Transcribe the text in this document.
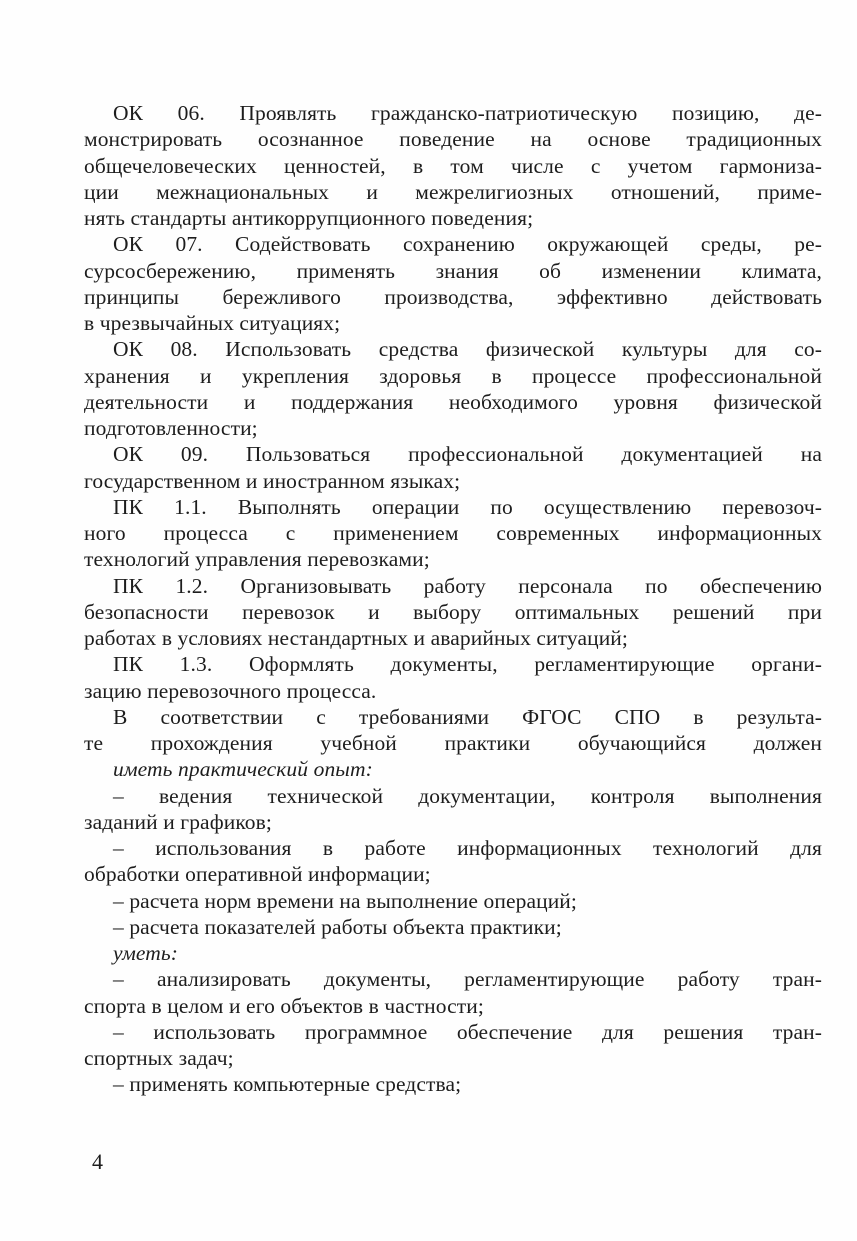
ОК 06. Проявлять гражданско-патриотическую позицию, де-
монстрировать осознанное поведение на основе традиционных
общечеловеческих ценностей, в том числе с учетом гармониза-
ции межнациональных и межрелигиозных отношений, приме-
нять стандарты антикоррупционного поведения;

ОК 07. Содействовать сохранению окружающей среды, ре-
сурсосбережению, применять знания об изменении климата,
принципы бережливого производства, эффективно действовать
в чрезвычайных ситуациях;

ОК 08. Использовать средства физической культуры для со-
хранения и укрепления здоровья в процессе профессиональной
деятельности и поддержания необходимого уровня физической
подготовленности;

ОК 09. Пользоваться профессиональной документацией на
государственном и иностранном языках;

ПК 1.1. Выполнять операции по осуществлению перевозоч-
ного процесса с применением современных информационных
технологий управления перевозками;

ПК 1.2. Организовывать работу персонала по обеспечению
безопасности перевозок и выбору оптимальных решений при
работах в условиях нестандартных и аварийных ситуаций;

ПК 1.3. Оформлять документы, регламентирующие органи-
зацию перевозочного процесса.

В соответствии с требованиями ФГОС СПО в результа-
те прохождения учебной практики обучающийся должен

иметь практический опыт:

– ведения технической документации, контроля выполнения
заданий и графиков;

– использования в работе информационных технологий для
обработки оперативной информации;

– расчета норм времени на выполнение операций;

– расчета показателей работы объекта практики;

уметь:

– анализировать документы, регламентирующие работу тран-
спорта в целом и его объектов в частности;

– использовать программное обеспечение для решения тран-
спортных задач;

– применять компьютерные средства;

4
